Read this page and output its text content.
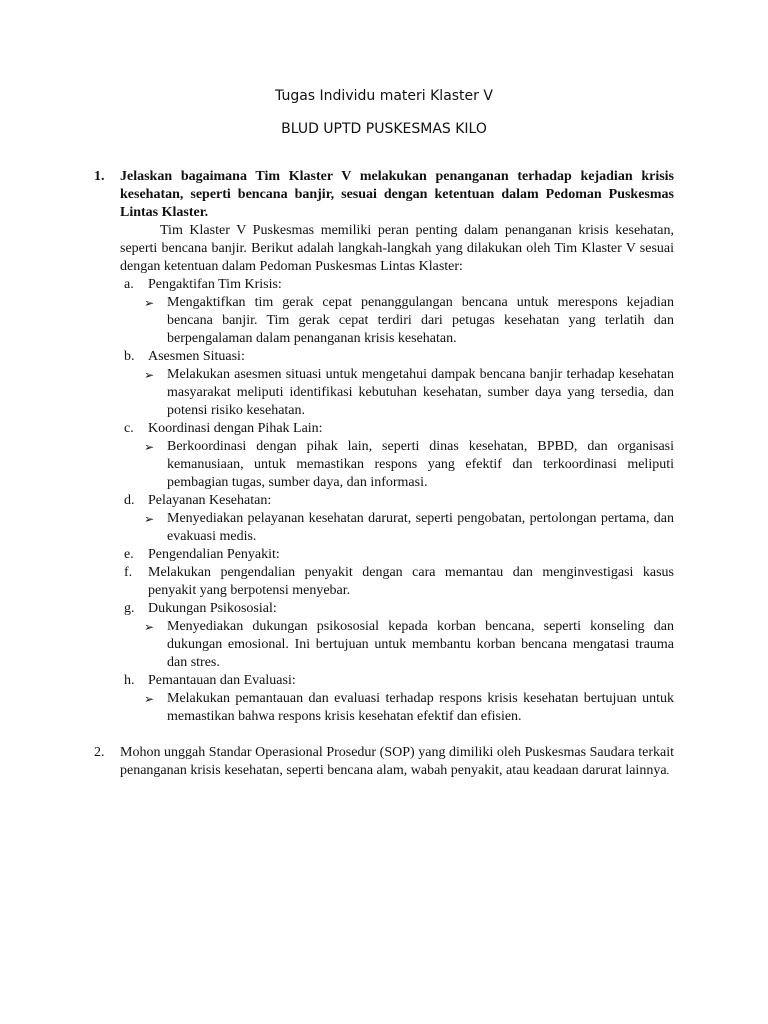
Tugas Individu materi Klaster V
BLUD UPTD PUSKESMAS KILO
1. Jelaskan bagaimana Tim Klaster V melakukan penanganan terhadap kejadian krisis kesehatan, seperti bencana banjir, sesuai dengan ketentuan dalam Pedoman Puskesmas Lintas Klaster.
Tim Klaster V Puskesmas memiliki peran penting dalam penanganan krisis kesehatan, seperti bencana banjir. Berikut adalah langkah-langkah yang dilakukan oleh Tim Klaster V sesuai dengan ketentuan dalam Pedoman Puskesmas Lintas Klaster:
a. Pengaktifan Tim Krisis:
➢ Mengaktifkan tim gerak cepat penanggulangan bencana untuk merespons kejadian bencana banjir. Tim gerak cepat terdiri dari petugas kesehatan yang terlatih dan berpengalaman dalam penanganan krisis kesehatan.
b. Asesmen Situasi:
➢ Melakukan asesmen situasi untuk mengetahui dampak bencana banjir terhadap kesehatan masyarakat meliputi identifikasi kebutuhan kesehatan, sumber daya yang tersedia, dan potensi risiko kesehatan.
c. Koordinasi dengan Pihak Lain:
➢ Berkoordinasi dengan pihak lain, seperti dinas kesehatan, BPBD, dan organisasi kemanusiaan, untuk memastikan respons yang efektif dan terkoordinasi meliputi pembagian tugas, sumber daya, dan informasi.
d. Pelayanan Kesehatan:
➢ Menyediakan pelayanan kesehatan darurat, seperti pengobatan, pertolongan pertama, dan evakuasi medis.
e. Pengendalian Penyakit:
f. Melakukan pengendalian penyakit dengan cara memantau dan menginvestigasi kasus penyakit yang berpotensi menyebar.
g. Dukungan Psikososial:
➢ Menyediakan dukungan psikososial kepada korban bencana, seperti konseling dan dukungan emosional. Ini bertujuan untuk membantu korban bencana mengatasi trauma dan stres.
h. Pemantauan dan Evaluasi:
➢ Melakukan pemantauan dan evaluasi terhadap respons krisis kesehatan bertujuan untuk memastikan bahwa respons krisis kesehatan efektif dan efisien.
2. Mohon unggah Standar Operasional Prosedur (SOP) yang dimiliki oleh Puskesmas Saudara terkait penanganan krisis kesehatan, seperti bencana alam, wabah penyakit, atau keadaan darurat lainnya.
